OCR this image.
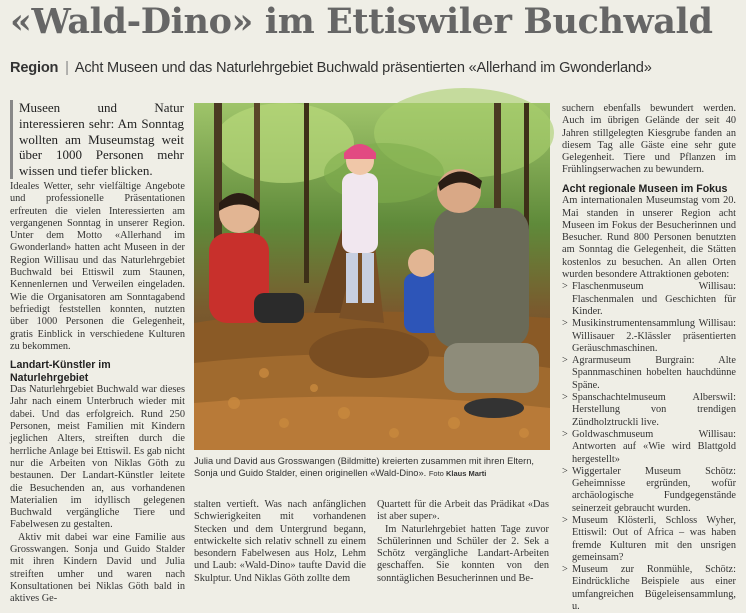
«Wald-Dino» im Ettiswiler Buchwald
Region | Acht Museen und das Naturlehrgebiet Buchwald präsentierten «Allerhand im Gwonderland»
Museen und Natur interessieren sehr: Am Sonntag wollten am Museumstag weit über 1000 Personen mehr wissen und tiefer blicken.

Ideales Wetter, sehr vielfältige Angebote und professionelle Präsentationen erfreuten die vielen Interessierten am vergangenen Sonntag in unserer Region. Unter dem Motto «Allerhand im Gwonderland» hatten acht Museen in der Region Willisau und das Naturlehrgebiet Buchwald bei Ettiswil zum Staunen, Kennenlernen und Verweilen eingeladen. Wie die Organisatoren am Sonntagabend befriedigt feststellen konnten, nutzten über 1000 Personen die Gelegenheit, gratis Einblick in verschiedene Kulturen zu bekommen.

Landart-Künstler im Naturlehrgebiet

Das Naturlehrgebiet Buchwald war dieses Jahr nach einem Unterbruch wieder mit dabei. Und das erfolgreich. Rund 250 Personen, meist Familien mit Kindern jeglichen Alters, streiften durch die herrliche Anlage bei Ettiswil. Es gab nicht nur die Arbeiten von Niklas Göth zu bestaunen. Der Landart-Künstler leitete die Besuchenden an, aus vorhandenen Materialien im idyllisch gelegenen Buchwald vergängliche Tiere und Fabelwesen zu gestalten.

Aktiv mit dabei war eine Familie aus Grosswangen. Sonja und Guido Stalder mit ihren Kindern David und Julia streiften umher und waren nach Konsultationen bei Niklas Göth bald in aktives Ge-

Julia und David aus Grosswangen (Bildmitte) kreierten zusammen mit ihren Eltern, Sonja und Guido Stalder, einen originellen «Wald-Dino». Foto Klaus Marti

stalten vertieft. Was nach anfänglichen Schwierigkeiten mit vorhandenen Stecken und dem Untergrund begann, entwickelte sich relativ schnell zu einem besondern Fabelwesen aus Holz, Lehm und Laub: «Wald-Dino» taufte David die Skulptur. Und Niklas Göth zollte dem

Quartett für die Arbeit das Prädikat «Das ist aber super».

Im Naturlehrgebiet hatten Tage zuvor Schülerinnen und Schüler der 2. Sek a Schötz vergängliche Landart-Arbeiten geschaffen. Sie konnten von den sonntäglichen Besucherinnen und Be-

suchern ebenfalls bewundert werden. Auch im übrigen Gelände der seit 40 Jahren stillgelegten Kiesgrube fanden an diesem Tag alle Gäste eine sehr gute Gelegenheit. Tiere und Pflanzen im Frühlingserwachen zu bewundern.

Acht regionale Museen im Fokus

Am internationalen Museumstag vom 20. Mai standen in unserer Region acht Museen im Fokus der Besucherinnen und Besucher. Rund 800 Personen benutzten am Sonntag die Gelegenheit, die Stätten kostenlos zu besuchen. An allen Orten wurden besondere Attraktionen geboten:

> Flaschenmuseum Willisau: Flaschenmalen und Geschichten für Kinder.
> Musikinstrumentensammlung Willisau: Willisauer 2.-Klässler präsentierten Geräuschmaschinen.
> Agrarmuseum Burgrain: Alte Spannmaschinen hobelten hauchdünne Späne.
> Spanschachtelmuseum Alberswil: Herstellung von trendigen Zündholztruckli live.
> Goldwaschmuseum Willisau: Antworten auf «Wie wird Blattgold hergestellt»
> Wiggertaler Museum Schötz: Geheimnisse ergründen, wofür archäologische Fundgegenstände seinerzeit gebraucht wurden.
> Museum Klösterli, Schloss Wyher, Ettiswil: Out of Africa – was haben fremde Kulturen mit den unsrigen gemeinsam?
> Museum zur Ronmühle, Schötz: Eindrückliche Beispiele aus einer umfangreichen Bügeleisensammlung, u.
